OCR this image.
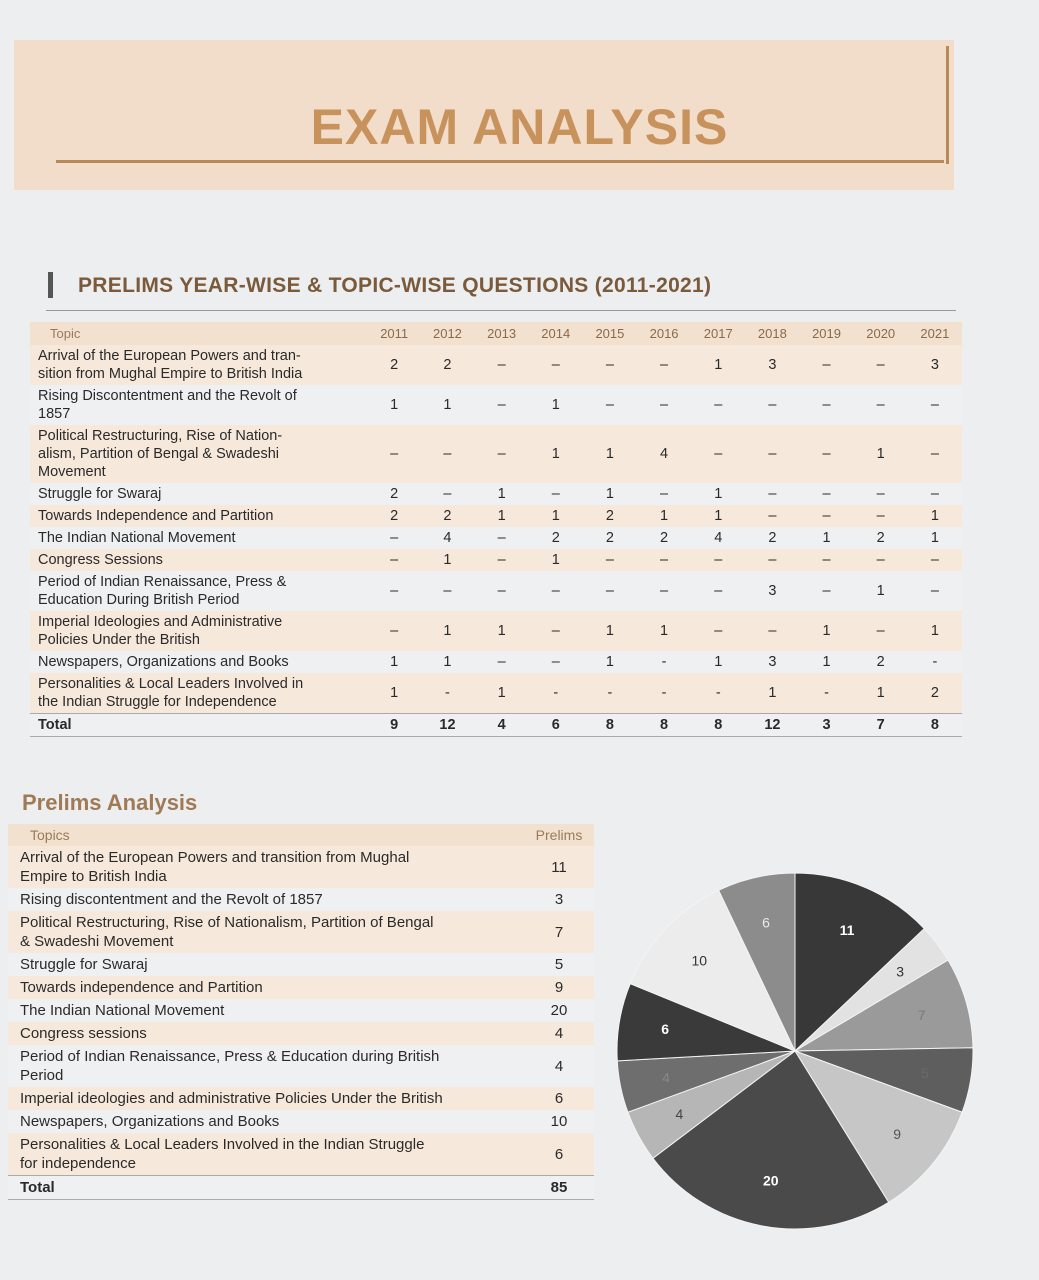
EXAM ANALYSIS
PRELIMS YEAR-WISE & TOPIC-WISE QUESTIONS (2011-2021)
Topic	2011	2012	2013	2014	2015	2016	2017	2018	2019	2020	2021
Arrival of the European Powers and tran-
sition from Mughal Empire to British India	2	2	–	–	–	–	1	3	–	–	3
Rising Discontentment and the Revolt of
1857	1	1	–	1	–	–	–	–	–	–	–
Political Restructuring, Rise of Nation-
alism, Partition of Bengal & Swadeshi
Movement	–	–	–	1	1	4	–	–	–	1	–
Struggle for Swaraj	2	–	1	–	1	–	1	–	–	–	–
Towards Independence and Partition	2	2	1	1	2	1	1	–	–	–	1
The Indian National Movement	–	4	–	2	2	2	4	2	1	2	1
Congress Sessions	–	1	–	1	–	–	–	–	–	–	–
Period of Indian Renaissance, Press &
Education During British Period	–	–	–	–	–	–	–	3	–	1	–
Imperial Ideologies and Administrative
Policies Under the British	–	1	1	–	1	1	–	–	1	–	1
Newspapers, Organizations and Books	1	1	–	–	1	-	1	3	1	2	-
Personalities & Local Leaders Involved in
the Indian Struggle for Independence	1	-	1	-	-	-	-	1	-	1	2
Total	9	12	4	6	8	8	8	12	3	7	8
Prelims Analysis
Topics	Prelims
Arrival of the European Powers and transition from Mughal
Empire to British India	11
Rising discontentment and the Revolt of 1857	3
Political Restructuring, Rise of Nationalism, Partition of Bengal
& Swadeshi Movement	7
Struggle for Swaraj	5
Towards independence and Partition	9
The Indian National Movement	20
Congress sessions	4
Period of Indian Renaissance, Press & Education during British
Period	4
Imperial ideologies and administrative Policies Under the British	6
Newspapers, Organizations and Books	10
Personalities & Local Leaders Involved in the Indian Struggle
for independence	6
Total	85
11
3
7
5
9
20
4
4
6
10
6
